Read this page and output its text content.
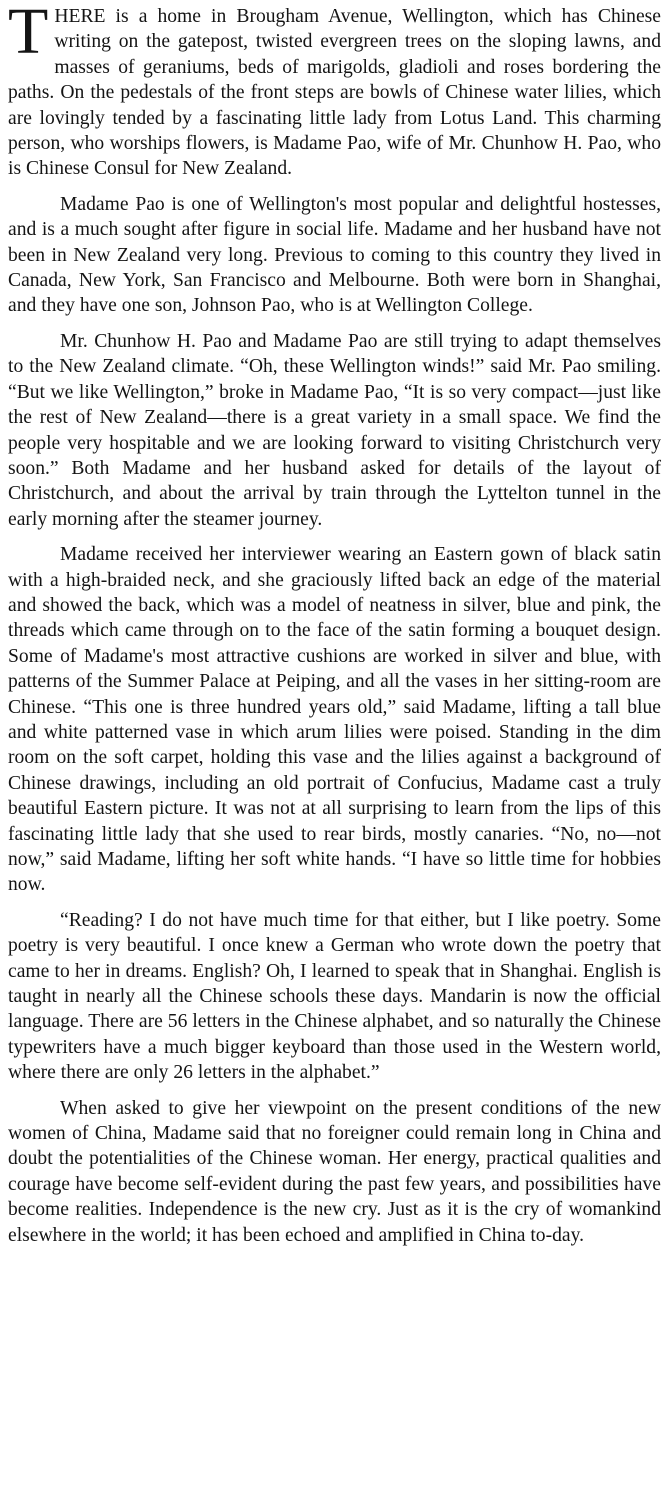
THERE is a home in Brougham Avenue, Wellington, which has Chinese writing on the gatepost, twisted evergreen trees on the sloping lawns, and masses of geraniums, beds of marigolds, gladioli and roses bordering the paths. On the pedestals of the front steps are bowls of Chinese water lilies, which are lovingly tended by a fascinating little lady from Lotus Land. This charming person, who worships flowers, is Madame Pao, wife of Mr. Chunhow H. Pao, who is Chinese Consul for New Zealand.

Madame Pao is one of Wellington's most popular and delightful hostesses, and is a much sought after figure in social life. Madame and her husband have not been in New Zealand very long. Previous to coming to this country they lived in Canada, New York, San Francisco and Melbourne. Both were born in Shanghai, and they have one son, Johnson Pao, who is at Wellington College.

Mr. Chunhow H. Pao and Madame Pao are still trying to adapt themselves to the New Zealand climate. “Oh, these Wellington winds!” said Mr. Pao smiling. “But we like Wellington,” broke in Madame Pao, “It is so very compact—just like the rest of New Zealand—there is a great variety in a small space. We find the people very hospitable and we are looking forward to visiting Christchurch very soon.” Both Madame and her husband asked for details of the layout of Christchurch, and about the arrival by train through the Lyttelton tunnel in the early morning after the steamer journey.

Madame received her interviewer wearing an Eastern gown of black satin with a high-braided neck, and she graciously lifted back an edge of the material and showed the back, which was a model of neatness in silver, blue and pink, the threads which came through on to the face of the satin forming a bouquet design. Some of Madame's most attractive cushions are worked in silver and blue, with patterns of the Summer Palace at Peiping, and all the vases in her sitting-room are Chinese. “This one is three hundred years old,” said Madame, lifting a tall blue and white patterned vase in which arum lilies were poised. Standing in the dim room on the soft carpet, holding this vase and the lilies against a background of Chinese drawings, including an old portrait of Confucius, Madame cast a truly beautiful Eastern picture. It was not at all surprising to learn from the lips of this fascinating little lady that she used to rear birds, mostly canaries. “No, no—not now,” said Madame, lifting her soft white hands. “I have so little time for hobbies now.

“Reading? I do not have much time for that either, but I like poetry. Some poetry is very beautiful. I once knew a German who wrote down the poetry that came to her in dreams. English? Oh, I learned to speak that in Shanghai. English is taught in nearly all the Chinese schools these days. Mandarin is now the official language. There are 56 letters in the Chinese alphabet, and so naturally the Chinese typewriters have a much bigger keyboard than those used in the Western world, where there are only 26 letters in the alphabet.”

When asked to give her viewpoint on the present conditions of the new women of China, Madame said that no foreigner could remain long in China and doubt the potentialities of the Chinese woman. Her energy, practical qualities and courage have become self-evident during the past few years, and possibilities have become realities. Independence is the new cry. Just as it is the cry of womankind elsewhere in the world; it has been echoed and amplified in China to-day.
